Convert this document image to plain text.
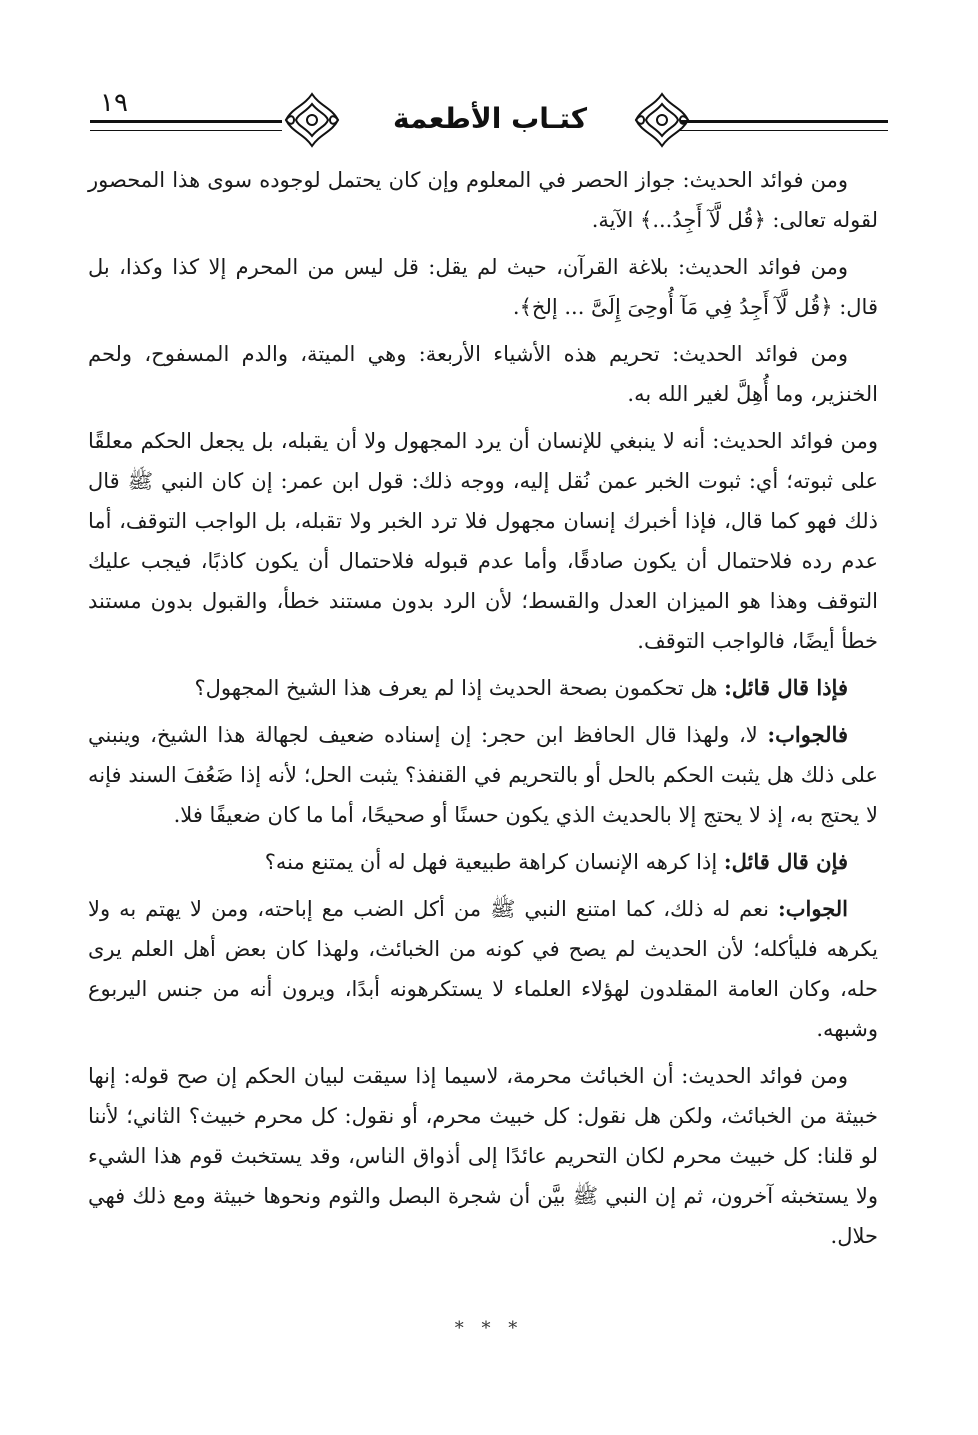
١٩	كتـاب الأطعمة

ومن فوائد الحديث: جواز الحصر في المعلوم وإن كان يحتمل لوجوده سوى هذا المحصور لقوله تعالى: ﴿قُل لَّآ أَجِدُ...﴾ الآية.

ومن فوائد الحديث: بلاغة القرآن، حيث لم يقل: قل ليس من المحرم إلا كذا وكذا، بل قال: ﴿قُل لَّآ أَجِدُ فِي مَآ أُوحِىَ إِلَىَّ ... إلخ﴾.

ومن فوائد الحديث: تحريم هذه الأشياء الأربعة: وهي الميتة، والدم المسفوح، ولحم الخنزير، وما أُهِلَّ لغير الله به.

ومن فوائد الحديث: أنه لا ينبغي للإنسان أن يرد المجهول ولا أن يقبله، بل يجعل الحكم معلقًا على ثبوته؛ أي: ثبوت الخبر عمن نُقل إليه، ووجه ذلك: قول ابن عمر: إن كان النبي ﷺ قال ذلك فهو كما قال، فإذا أخبرك إنسان مجهول فلا ترد الخبر ولا تقبله، بل الواجب التوقف، أما عدم رده فلاحتمال أن يكون صادقًا، وأما عدم قبوله فلاحتمال أن يكون كاذبًا، فيجب عليك التوقف وهذا هو الميزان العدل والقسط؛ لأن الرد بدون مستند خطأ، والقبول بدون مستند خطأ أيضًا، فالواجب التوقف.

فإذا قال قائل: هل تحكمون بصحة الحديث إذا لم يعرف هذا الشيخ المجهول؟

فالجواب: لا، ولهذا قال الحافظ ابن حجر: إن إسناده ضعيف لجهالة هذا الشيخ، وينبني على ذلك هل يثبت الحكم بالحل أو بالتحريم في القنفذ؟ يثبت الحل؛ لأنه إذا ضَعُفَ السند فإنه لا يحتج به، إذ لا يحتج إلا بالحديث الذي يكون حسنًا أو صحيحًا، أما ما كان ضعيفًا فلا.

فإن قال قائل: إذا كرهه الإنسان كراهة طبيعية فهل له أن يمتنع منه؟

الجواب: نعم له ذلك، كما امتنع النبي ﷺ من أكل الضب مع إباحته، ومن لا يهتم به ولا يكرهه فليأكله؛ لأن الحديث لم يصح في كونه من الخبائث، ولهذا كان بعض أهل العلم يرى حله، وكان العامة المقلدون لهؤلاء العلماء لا يستكرهونه أبدًا، ويرون أنه من جنس اليربوع وشبهه.

ومن فوائد الحديث: أن الخبائث محرمة، لاسيما إذا سيقت لبيان الحكم إن صح قوله: إنها خبيثة من الخبائث، ولكن هل نقول: كل خبيث محرم، أو نقول: كل محرم خبيث؟ الثاني؛ لأننا لو قلنا: كل خبيث محرم لكان التحريم عائدًا إلى أذواق الناس، وقد يستخبث قوم هذا الشيء ولا يستخبثه آخرون، ثم إن النبي ﷺ بيَّن أن شجرة البصل والثوم ونحوها خبيثة ومع ذلك فهي حلال.

* * *
